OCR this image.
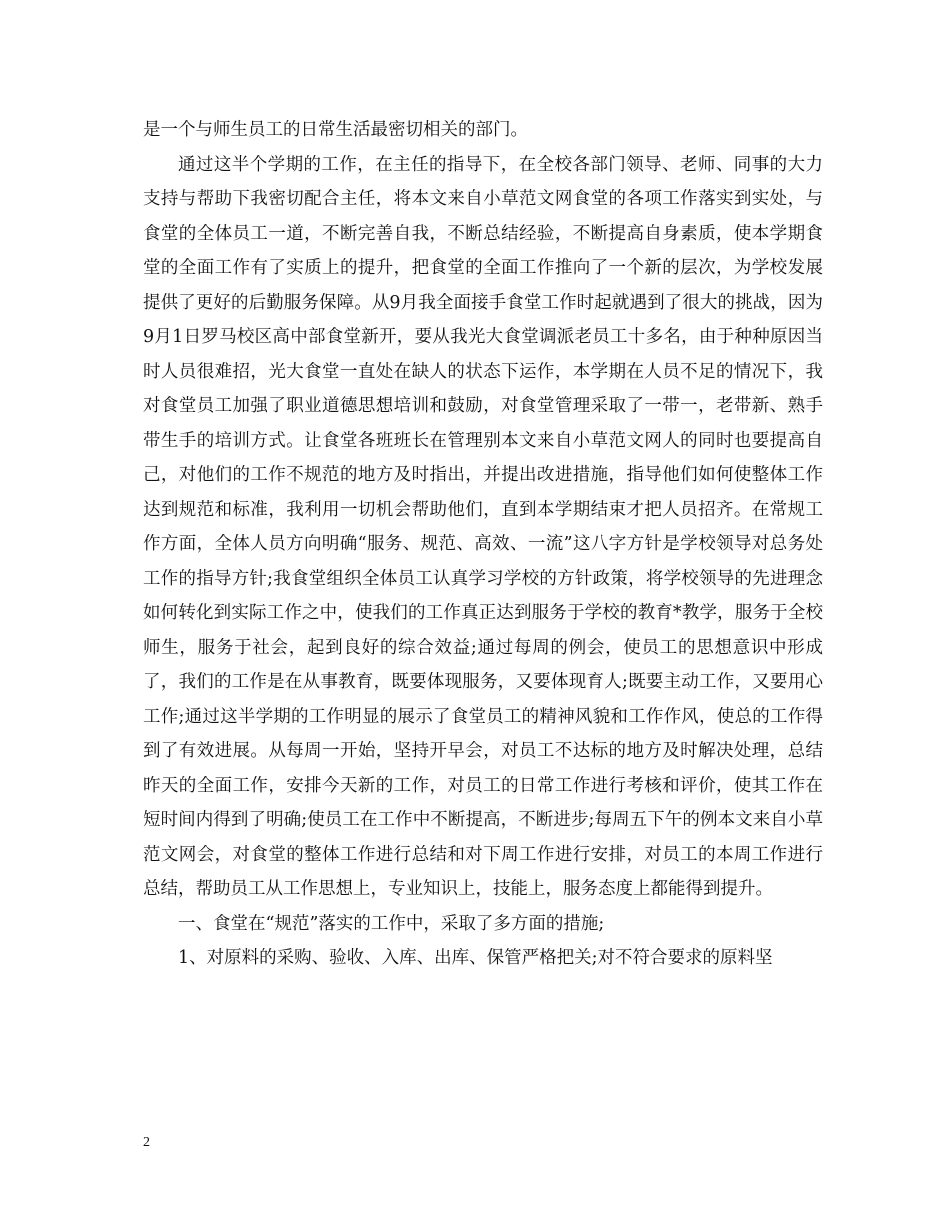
是一个与师生员工的日常生活最密切相关的部门。

通过这半个学期的工作，在主任的指导下，在全校各部门领导、老师、同事的大力支持与帮助下我密切配合主任，将本文来自小草范文网食堂的各项工作落实到实处，与食堂的全体员工一道，不断完善自我，不断总结经验，不断提高自身素质，使本学期食堂的全面工作有了实质上的提升，把食堂的全面工作推向了一个新的层次，为学校发展提供了更好的后勤服务保障。从9月我全面接手食堂工作时起就遇到了很大的挑战，因为9月1日罗马校区高中部食堂新开，要从我光大食堂调派老员工十多名，由于种种原因当时人员很难招，光大食堂一直处在缺人的状态下运作，本学期在人员不足的情况下，我对食堂员工加强了职业道德思想培训和鼓励，对食堂管理采取了一带一，老带新、熟手带生手的培训方式。让食堂各班班长在管理别本文来自小草范文网人的同时也要提高自己，对他们的工作不规范的地方及时指出，并提出改进措施，指导他们如何使整体工作达到规范和标准，我利用一切机会帮助他们，直到本学期结束才把人员招齐。在常规工作方面，全体人员方向明确“服务、规范、高效、一流”这八字方针是学校领导对总务处工作的指导方针;我食堂组织全体员工认真学习学校的方针政策，将学校领导的先进理念如何转化到实际工作之中，使我们的工作真正达到服务于学校的教育*教学，服务于全校师生，服务于社会，起到良好的综合效益;通过每周的例会，使员工的思想意识中形成了，我们的工作是在从事教育，既要体现服务，又要体现育人;既要主动工作，又要用心工作;通过这半学期的工作明显的展示了食堂员工的精神风貌和工作作风，使总的工作得到了有效进展。从每周一开始，坚持开早会，对员工不达标的地方及时解决处理，总结昨天的全面工作，安排今天新的工作，对员工的日常工作进行考核和评价，使其工作在短时间内得到了明确;使员工在工作中不断提高，不断进步;每周五下午的例本文来自小草范文网会，对食堂的整体工作进行总结和对下周工作进行安排，对员工的本周工作进行总结，帮助员工从工作思想上，专业知识上，技能上，服务态度上都能得到提升。

一、食堂在“规范”落实的工作中，采取了多方面的措施;

1、对原料的采购、验收、入库、出库、保管严格把关;对不符合要求的原料坚

2
